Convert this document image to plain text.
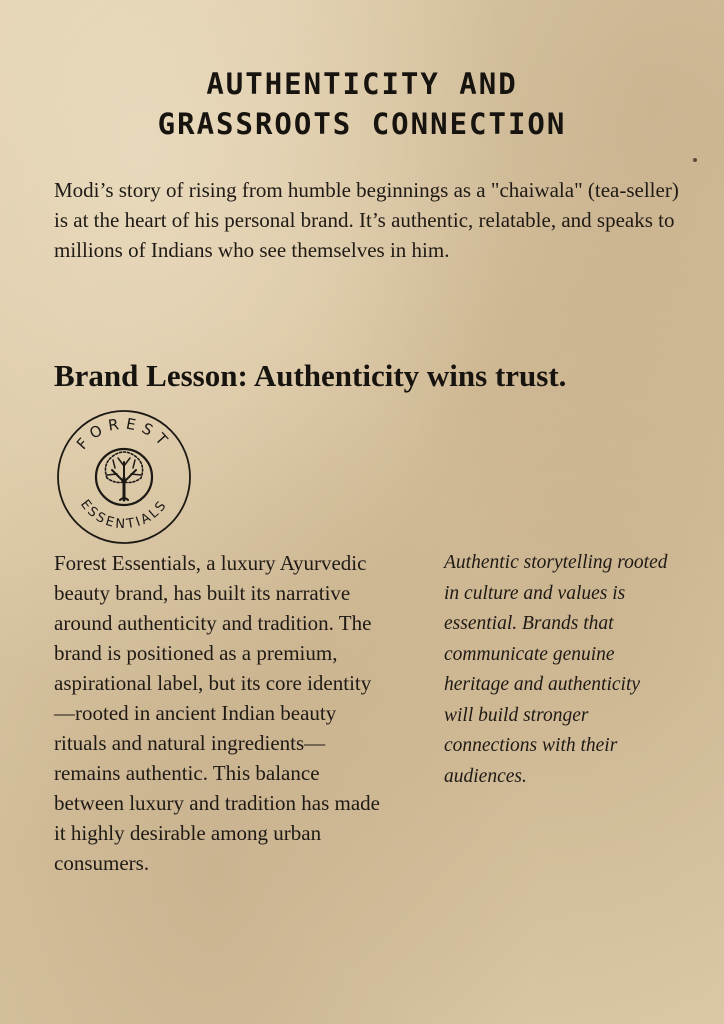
AUTHENTICITY AND
GRASSROOTS CONNECTION
Modi’s story of rising from humble beginnings as a "chaiwala" (tea-seller) is at the heart of his personal brand. It’s authentic, relatable, and speaks to millions of Indians who see themselves in him.
Brand Lesson: Authenticity wins trust.
FOREST
ESSENTIALS
Forest Essentials, a luxury Ayurvedic beauty brand, has built its narrative around authenticity and tradition. The brand is positioned as a premium, aspirational label, but its core identity—rooted in ancient Indian beauty rituals and natural ingredients—remains authentic. This balance between luxury and tradition has made it highly desirable among urban consumers.
Authentic storytelling rooted in culture and values is essential. Brands that communicate genuine heritage and authenticity will build stronger connections with their audiences.
